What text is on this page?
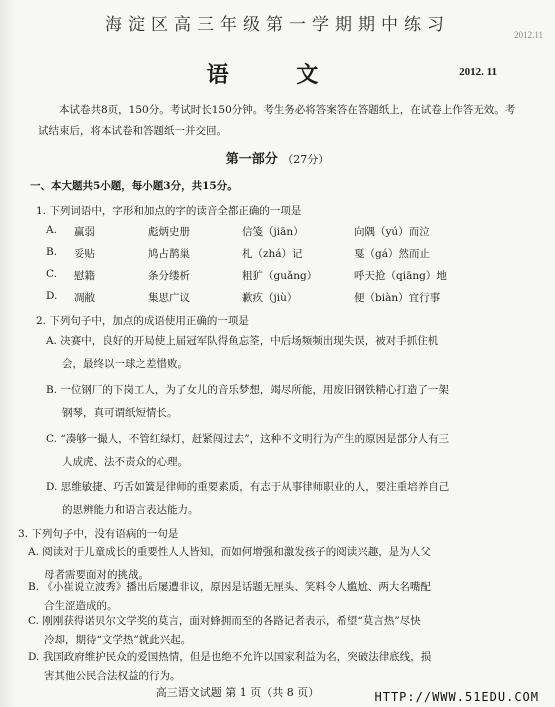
2012.11
海淀区高三年级第一学期期中练习
语 文	2012. 11
本试卷共8页，150分。考试时长150分钟。考生务必将答案答在答题纸上，在试卷上作答无效。考试结束后，将本试卷和答题纸一并交回。
第一部分 （27分）
一、本大题共5小题，每小题3分，共15分。
1. 下列词语中，字形和加点的字的读音全都正确的一项是
A. 赢弱	彪炳史册	信笺（jiān）	向隅（yú）而泣
B. 妥贴	鸠占鹊巢	札（zhá）记	戛（gá）然而止
C. 慰籍	条分缕析	粗犷（guǎng）	呼天抢（qiāng）地
D. 凋敝	集思广议	歉疚（jiù）	便（biàn）宜行事
2. 下列句子中，加点的成语使用正确的一项是
A. 决赛中，良好的开局使上届冠军队得鱼忘筌，中后场频频出现失误，被对手抓住机
会，最终以一球之差惜败。
B. 一位钢厂的下岗工人，为了女儿的音乐梦想，竭尽所能，用废旧钢铁精心打造了一架
钢琴，真可谓纸短情长。
C. “凑够一撮人，不管红绿灯，赶紧闯过去”，这种不文明行为产生的原因是部分人有三
人成虎、法不责众的心理。
D. 思维敏捷、巧舌如簧是律师的重要素质，有志于从事律师职业的人，要注重培养自己
的思辨能力和语言表达能力。
3. 下列句子中，没有语病的一句是
A. 阅读对于儿童成长的重要性人人皆知，而如何增强和激发孩子的阅读兴趣，是为人父
母者需要面对的挑战。
B. 《小崔说立波秀》播出后屡遭非议，原因是话题无厘头、笑料令人尴尬、两大名嘴配
合生涩造成的。
C. 刚刚获得诺贝尔文学奖的莫言，面对蜂拥而至的各路记者表示，希望“莫言热”尽快
冷却，期待“文学热”就此兴起。
D. 我国政府维护民众的爱国热情，但是也绝不允许以国家利益为名，突破法律底线，损
害其他公民合法权益的行为。
高三语文试题 第 1 页（共 8 页）	HTTP://WWW.51EDU.COM
